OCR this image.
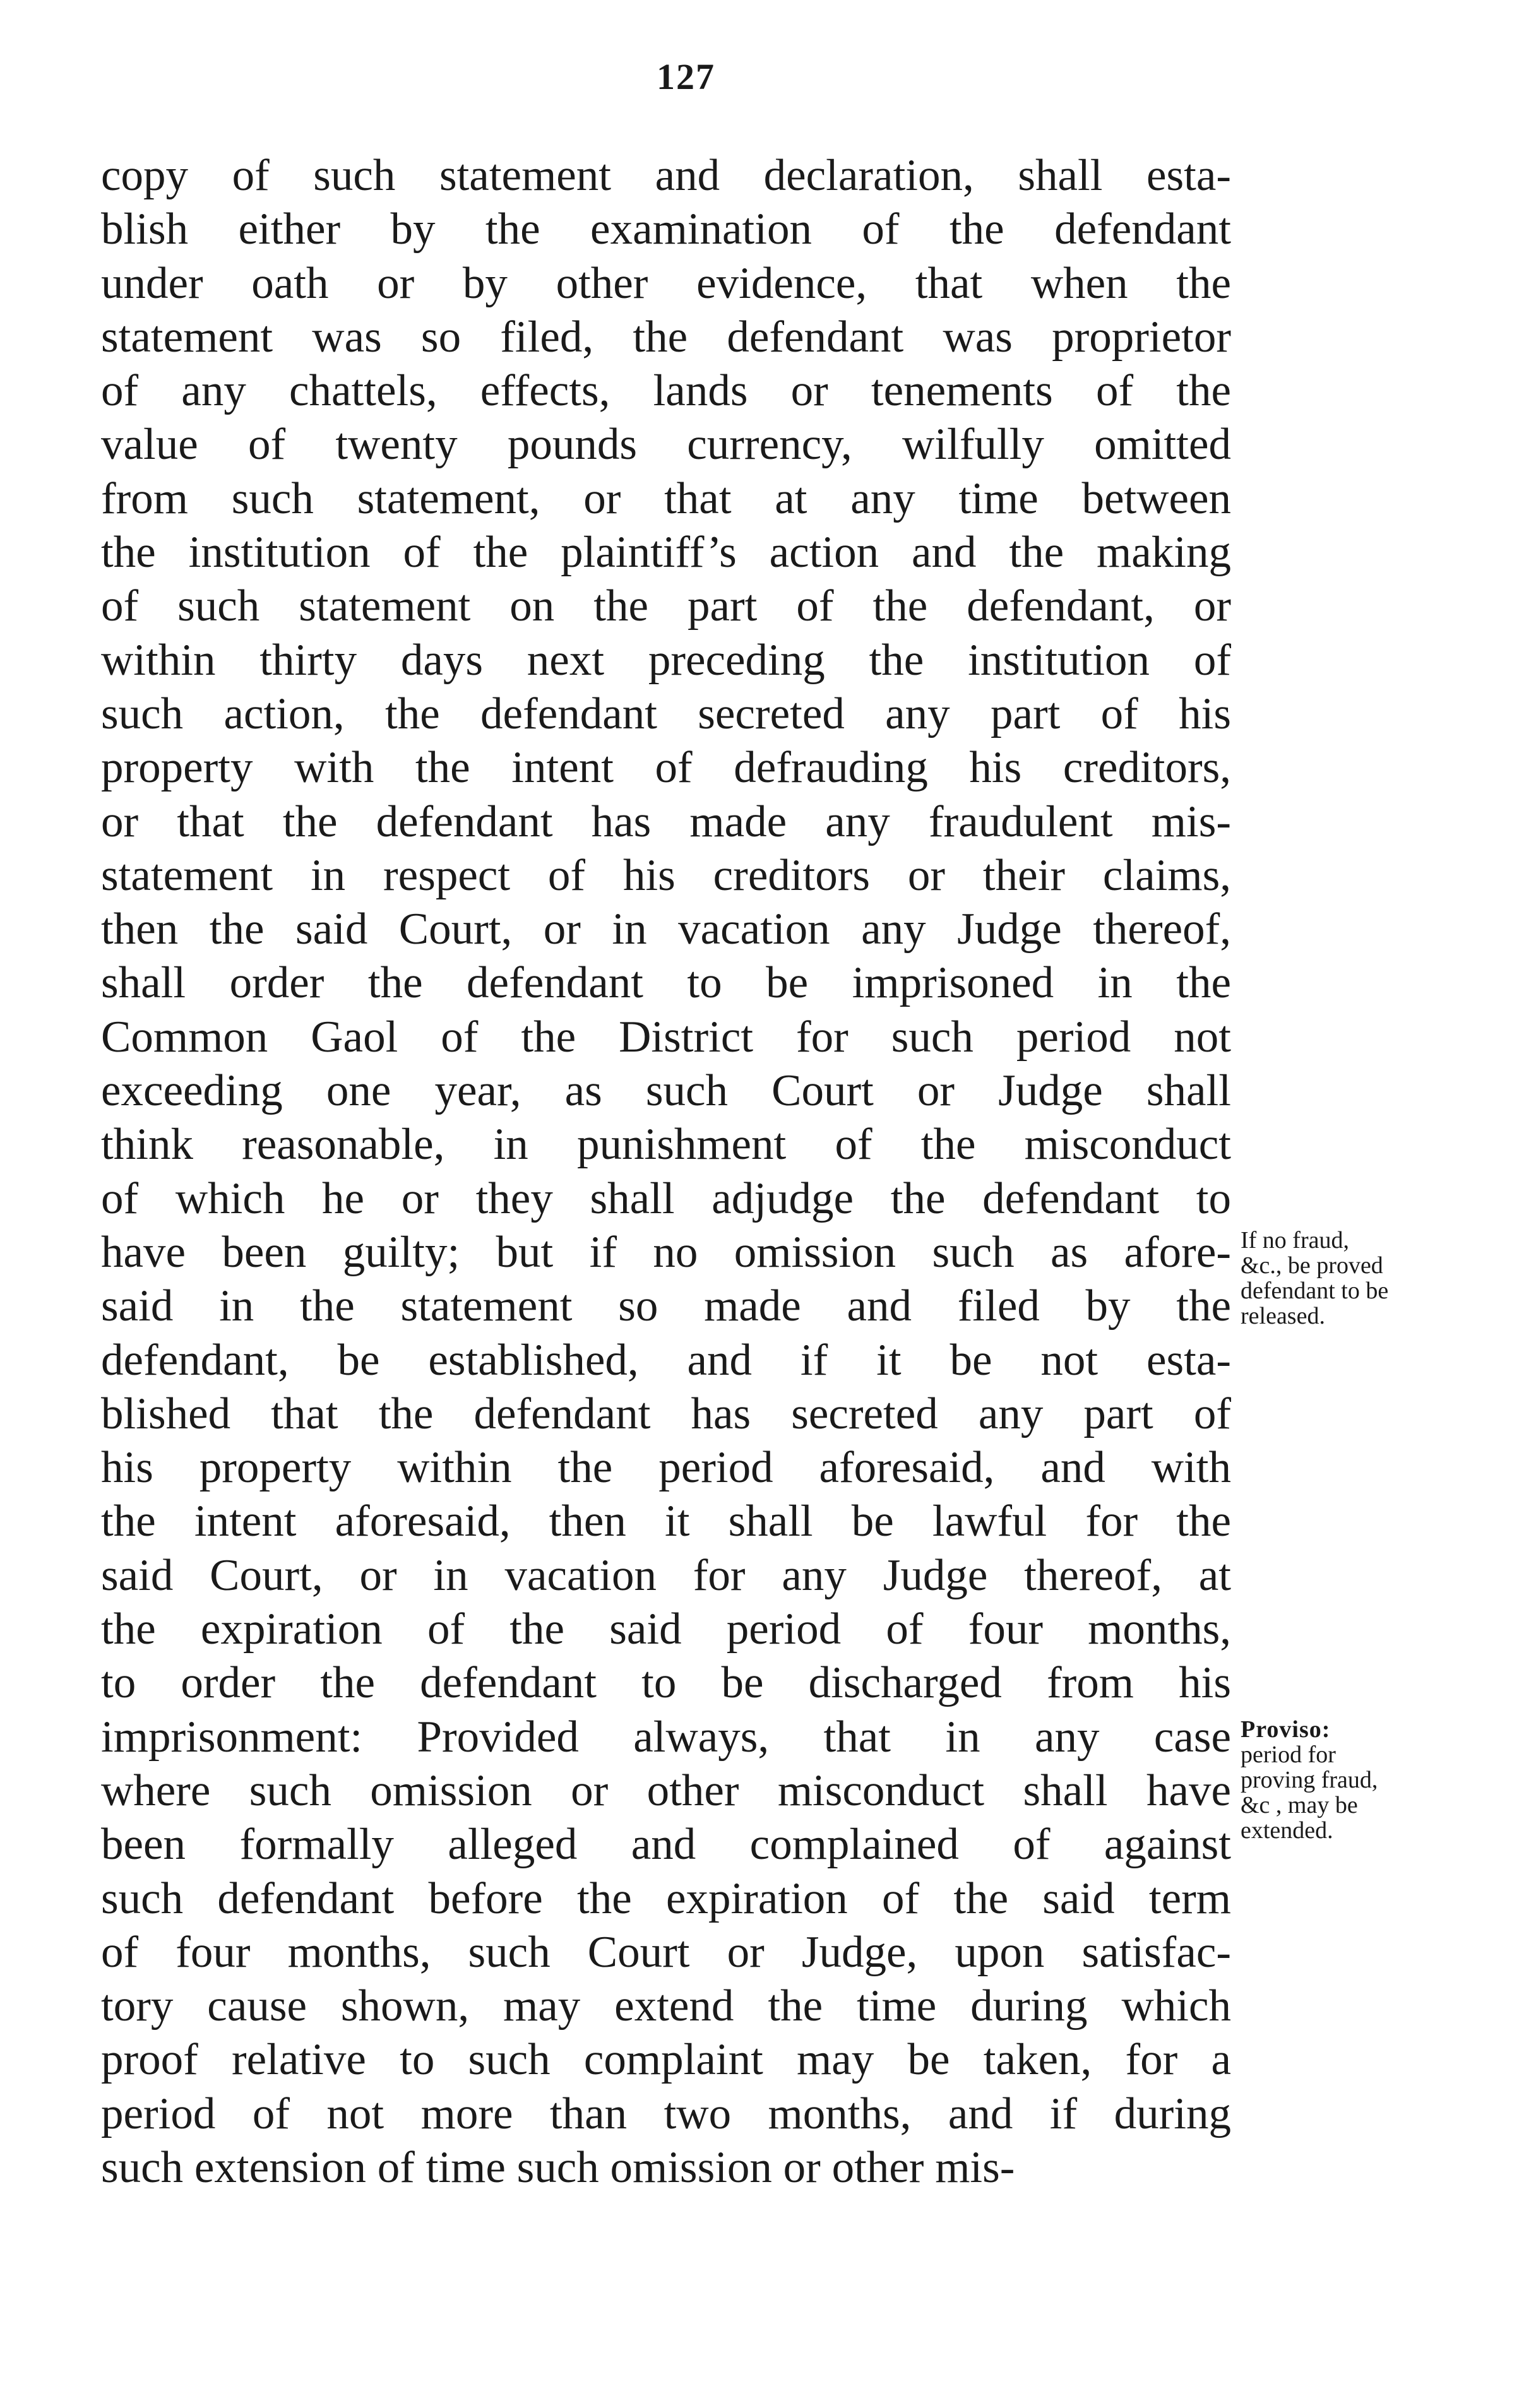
127
copy of such statement and declaration, shall esta-
blish either by the examination of the defendant
under oath or by other evidence, that when the
statement was so filed, the defendant was proprietor
of any chattels, effects, lands or tenements of the
value of twenty pounds currency, wilfully omitted
from such statement, or that at any time between
the institution of the plaintiff’s action and the making
of such statement on the part of the defendant, or
within thirty days next preceding the institution of
such action, the defendant secreted any part of his
property with the intent of defrauding his creditors,
or that the defendant has made any fraudulent mis-
statement in respect of his creditors or their claims,
then the said Court, or in vacation any Judge thereof,
shall order the defendant to be imprisoned in the
Common Gaol of the District for such period not
exceeding one year, as such Court or Judge shall
think reasonable, in punishment of the misconduct
of which he or they shall adjudge the defendant to
have been guilty; but if no omission such as afore-
said in the statement so made and filed by the
defendant, be established, and if it be not esta-
blished that the defendant has secreted any part of
his property within the period aforesaid, and with
the intent aforesaid, then it shall be lawful for the
said Court, or in vacation for any Judge thereof, at
the expiration of the said period of four months,
to order the defendant to be discharged from his
imprisonment: Provided always, that in any case
where such omission or other misconduct shall have
been formally alleged and complained of against
such defendant before the expiration of the said term
of four months, such Court or Judge, upon satisfac-
tory cause shown, may extend the time during which
proof relative to such complaint may be taken, for a
period of not more than two months, and if during
such extension of time such omission or other mis-
If no fraud,
&c., be proved
defendant to be
released.
Proviso:
period for
proving fraud,
&c , may be
extended.
